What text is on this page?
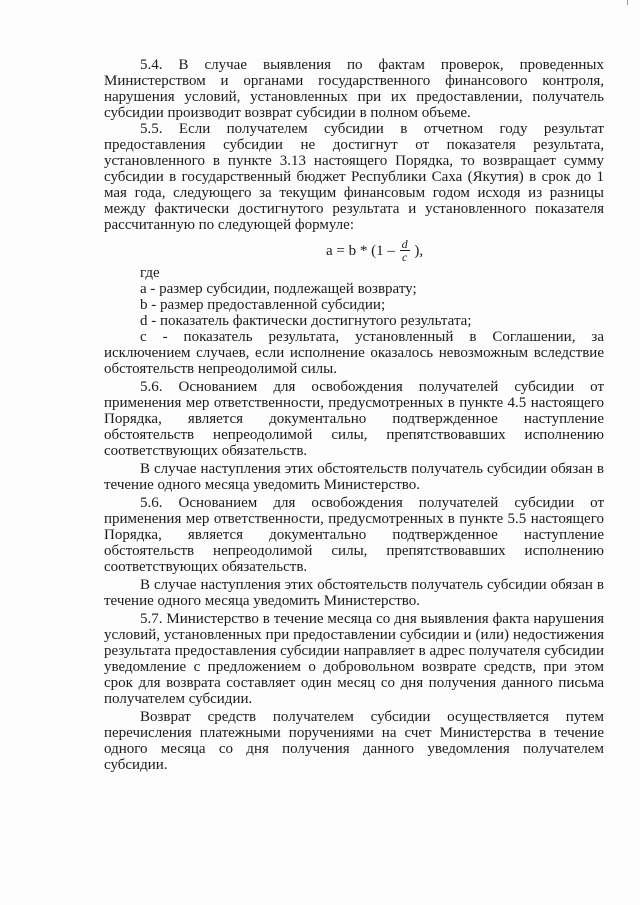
5.4. В случае выявления по фактам проверок, проведенных Министерством и органами государственного финансового контроля, нарушения условий, установленных при их предоставлении, получатель субсидии производит возврат субсидии в полном объеме.

5.5. Если получателем субсидии в отчетном году результат предоставления субсидии не достигнут от показателя результата, установленного в пункте 3.13 настоящего Порядка, то возвращает сумму субсидии в государственный бюджет Республики Саха (Якутия) в срок до 1 мая года, следующего за текущим финансовым годом исходя из разницы между фактически достигнутого результата и установленного показателя рассчитанную по следующей формуле:

$a = b * (1 - \frac{d}{c}$ ),

где

a - размер субсидии, подлежащей возврату;

b - размер предоставленной субсидии;

d - показатель фактически достигнутого результата;

c - показатель результата, установленный в Соглашении, за исключением случаев, если исполнение оказалось невозможным вследствие обстоятельств непреодолимой силы.

5.6. Основанием для освобождения получателей субсидии от применения мер ответственности, предусмотренных в пункте 4.5 настоящего Порядка, является документально подтвержденное наступление обстоятельств непреодолимой силы, препятствовавших исполнению соответствующих обязательств.

В случае наступления этих обстоятельств получатель субсидии обязан в течение одного месяца уведомить Министерство.

5.6. Основанием для освобождения получателей субсидии от применения мер ответственности, предусмотренных в пункте 5.5 настоящего Порядка, является документально подтвержденное наступление обстоятельств непреодолимой силы, препятствовавших исполнению соответствующих обязательств.

В случае наступления этих обстоятельств получатель субсидии обязан в течение одного месяца уведомить Министерство.

5.7. Министерство в течение месяца со дня выявления факта нарушения условий, установленных при предоставлении субсидии и (или) недостижения результата предоставления субсидии направляет в адрес получателя субсидии уведомление с предложением о добровольном возврате средств, при этом срок для возврата составляет один месяц со дня получения данного письма получателем субсидии.

Возврат средств получателем субсидии осуществляется путем перечисления платежными поручениями на счет Министерства в течение одного месяца со дня получения данного уведомления получателем субсидии.
